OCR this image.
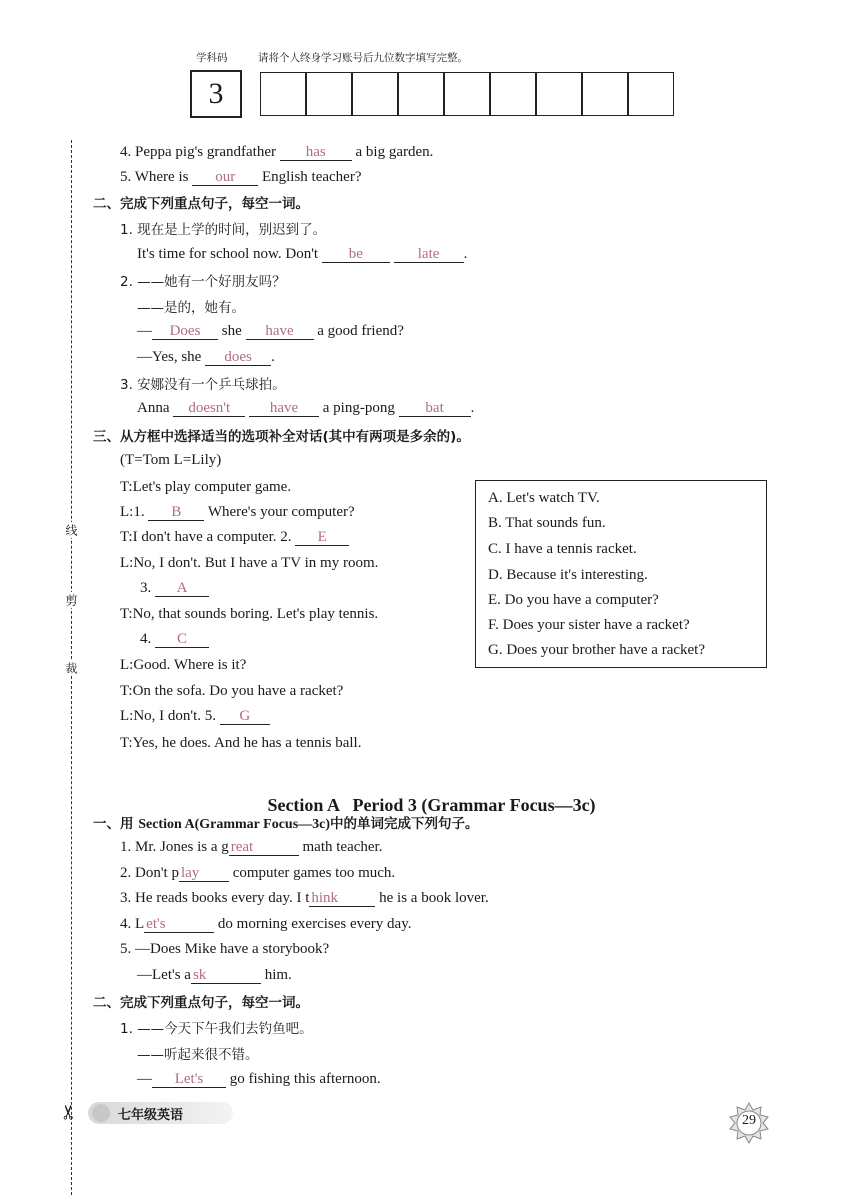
学科码	请将个人终身学习账号后九位数字填写完整。
3
线
剪
裁
✂
4. Peppa pig's grandfather has a big garden.
5. Where is our English teacher?
二、完成下列重点句子，每空一词。
1. 现在是上学的时间，别迟到了。
It's time for school now. Don't be	late .
2. ——她有一个好朋友吗？
——是的，她有。
— Does she have a good friend?
—Yes, she does .
3. 安娜没有一个乒乓球拍。
Anna doesn't	have a ping-pong bat .
三、从方框中选择适当的选项补全对话(其中有两项是多余的)。
(T=Tom L=Lily)
T:Let's play computer game.
L:1. B Where's your computer?
T:I don't have a computer. 2. E
L:No, I don't. But I have a TV in my room.
3. A
T:No, that sounds boring. Let's play tennis.
4. C
L:Good. Where is it?
T:On the sofa. Do you have a racket?
L:No, I don't. 5. G
T:Yes, he does. And he has a tennis ball.
A. Let's watch TV.
B. That sounds fun.
C. I have a tennis racket.
D. Because it's interesting.
E. Do you have a computer?
F. Does your sister have a racket?
G. Does your brother have a racket?
Section A   Period 3 (Grammar Focus—3c)
一、用 Section A(Grammar Focus—3c)中的单词完成下列句子。
1. Mr. Jones is a g reat	math teacher.
2. Don't p lay computer games too much.
3. He reads books every day. I t hink he is a book lover.
4. L et's	do morning exercises every day.
5. —Does Mike have a storybook?
—Let's a sk	him.
二、完成下列重点句子，每空一词。
1. ——今天下午我们去钓鱼吧。
——听起来很不错。
— Let's go fishing this afternoon.
七年级英语	29
